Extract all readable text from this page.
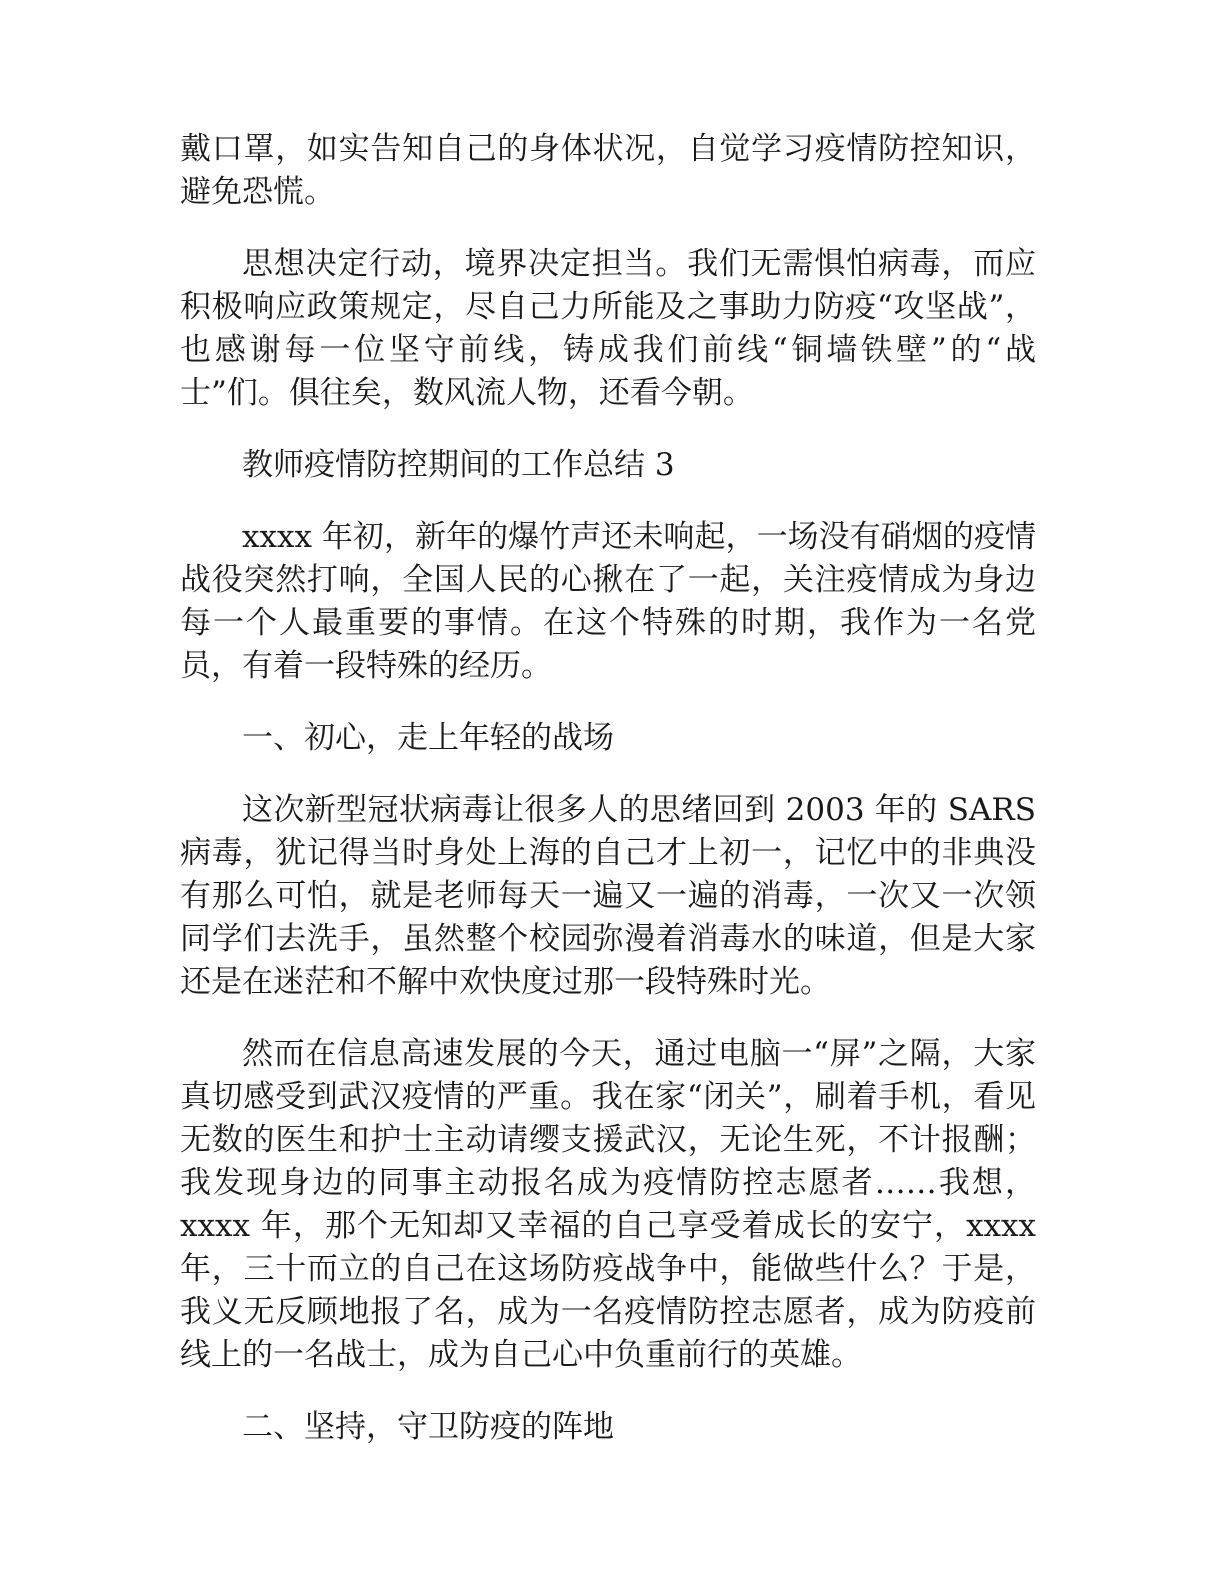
戴口罩，如实告知自己的身体状况，自觉学习疫情防控知识，避免恐慌。

思想决定行动，境界决定担当。我们无需惧怕病毒，而应积极响应政策规定，尽自己力所能及之事助力防疫“攻坚战”，也感谢每一位坚守前线，铸成我们前线“铜墙铁壁”的“战士”们。俱往矣，数风流人物，还看今朝。

教师疫情防控期间的工作总结 3

xxxx 年初，新年的爆竹声还未响起，一场没有硝烟的疫情战役突然打响，全国人民的心揪在了一起，关注疫情成为身边每一个人最重要的事情。在这个特殊的时期，我作为一名党员，有着一段特殊的经历。

一、初心，走上年轻的战场

这次新型冠状病毒让很多人的思绪回到 2003 年的 SARS 病毒，犹记得当时身处上海的自己才上初一，记忆中的非典没有那么可怕，就是老师每天一遍又一遍的消毒，一次又一次领同学们去洗手，虽然整个校园弥漫着消毒水的味道，但是大家还是在迷茫和不解中欢快度过那一段特殊时光。

然而在信息高速发展的今天，通过电脑一“屏”之隔，大家真切感受到武汉疫情的严重。我在家“闭关”，刷着手机，看见无数的医生和护士主动请缨支援武汉，无论生死，不计报酬；我发现身边的同事主动报名成为疫情防控志愿者……我想，xxxx 年，那个无知却又幸福的自己享受着成长的安宁，xxxx 年，三十而立的自己在这场防疫战争中，能做些什么？于是，我义无反顾地报了名，成为一名疫情防控志愿者，成为防疫前线上的一名战士，成为自己心中负重前行的英雄。

二、坚持，守卫防疫的阵地
